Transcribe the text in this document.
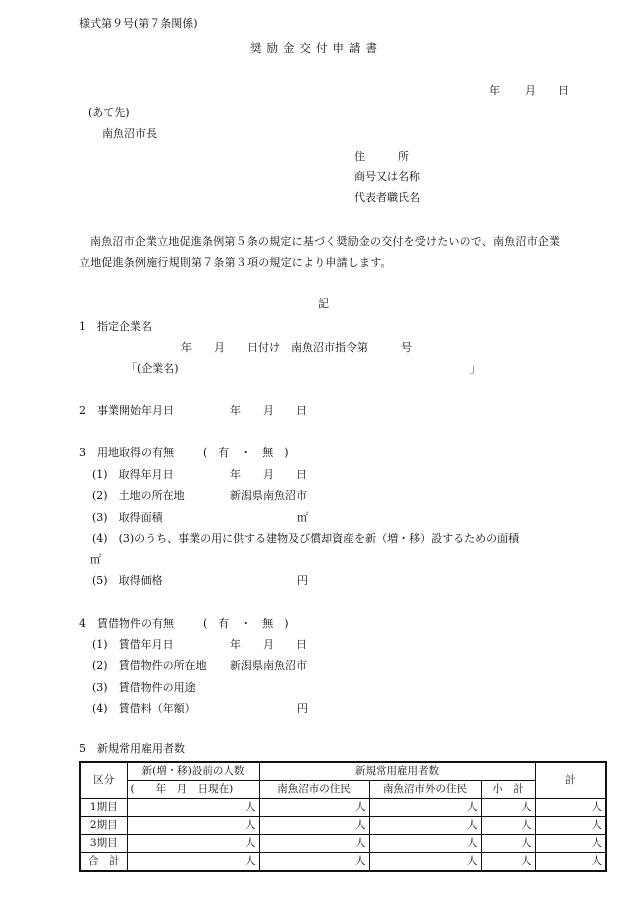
様式第９号(第７条関係)
奨励金交付申請書
年 月 日
(あて先)
南魚沼市長
住　　　所
商号又は名称
代表者職氏名
南魚沼市企業立地促進条例第５条の規定に基づく奨励金の交付を受けたいので、南魚沼市企業
立地促進条例施行規則第７条第３項の規定により申請します。
記
1　指定企業名
年　　月　　日付け　南魚沼市指令第　　　号
「(企業名)	」
2　事業開始年月日	年　　月　　日
3　用地取得の有無	(　有　・　無　)
(1)　取得年月日	年　　月　　日
(2)　土地の所在地	新潟県南魚沼市
(3)　取得面積	㎡
(4)　(3)のうち、事業の用に供する建物及び償却資産を新（増・移）設するための面積
㎡
(5)　取得価格	円
4　賃借物件の有無	(　有　・　無　)
(1)　賃借年月日	年　　月　　日
(2)　賃借物件の所在地 新潟県南魚沼市
(3)　賃借物件の用途
(4)　賃借料（年額）	円
5　新規常用雇用者数
区分	新(増・移)設前の人数	新規常用雇用者数			計
	(　　年　月　日現在)	南魚沼市の住民	南魚沼市外の住民	小　計	
1期目	人	人	人	人	人
2期目	人	人	人	人	人
3期目	人	人	人	人	人
合　計	人	人	人	人	人
